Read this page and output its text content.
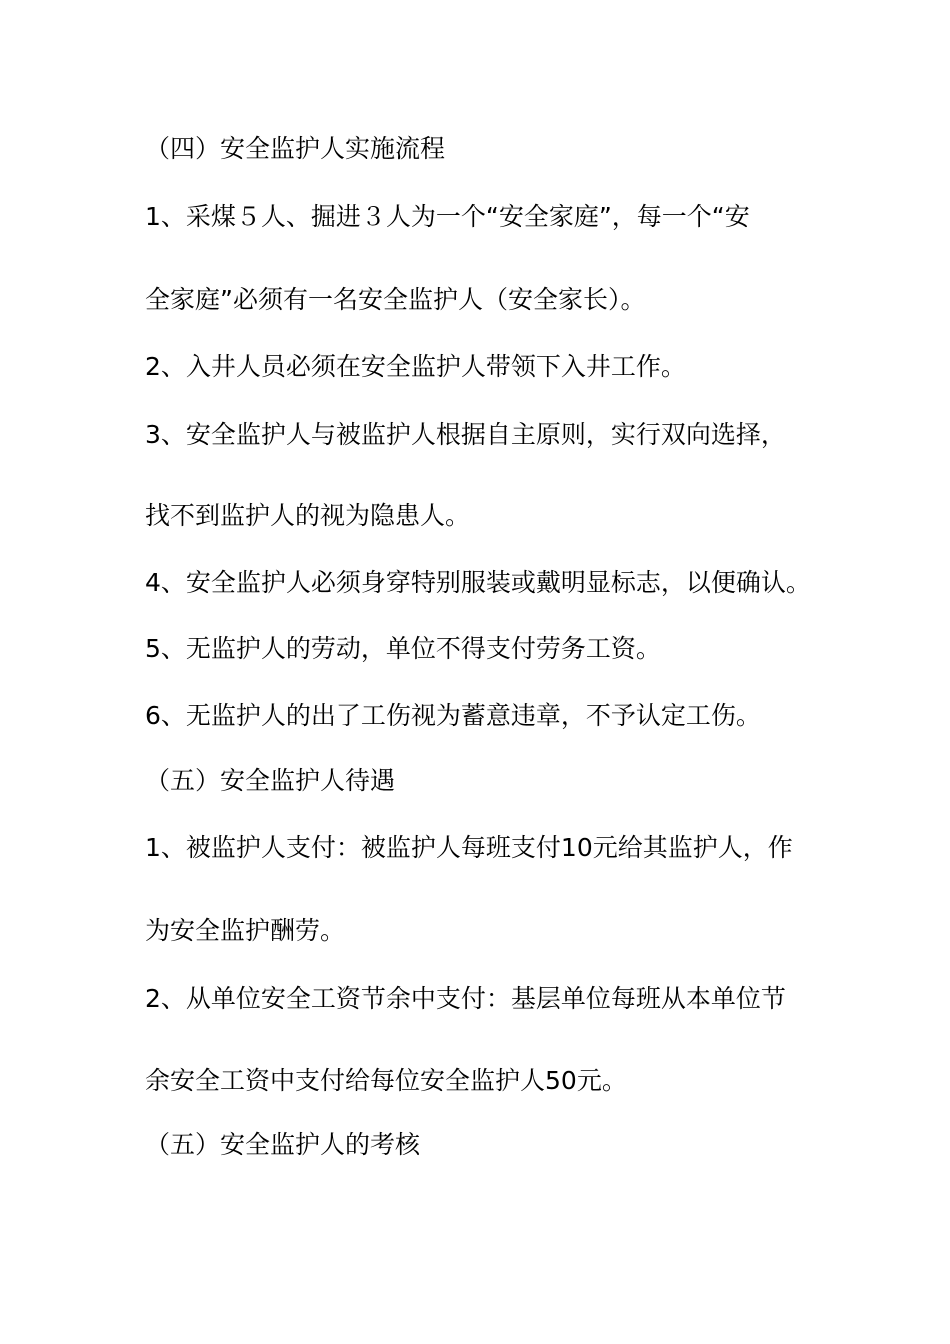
（四）安全监护人实施流程
1、采煤５人、掘进３人为一个“安全家庭”，每一个“安
全家庭”必须有一名安全监护人（安全家长）。
2、入井人员必须在安全监护人带领下入井工作。
3、安全监护人与被监护人根据自主原则，实行双向选择，
找不到监护人的视为隐患人。
4、安全监护人必须身穿特别服装或戴明显标志，以便确认。
5、无监护人的劳动，单位不得支付劳务工资。
6、无监护人的出了工伤视为蓄意违章，不予认定工伤。
（五）安全监护人待遇
1、被监护人支付：被监护人每班支付10元给其监护人，作
为安全监护酬劳。
2、从单位安全工资节余中支付：基层单位每班从本单位节
余安全工资中支付给每位安全监护人50元。
（五）安全监护人的考核
